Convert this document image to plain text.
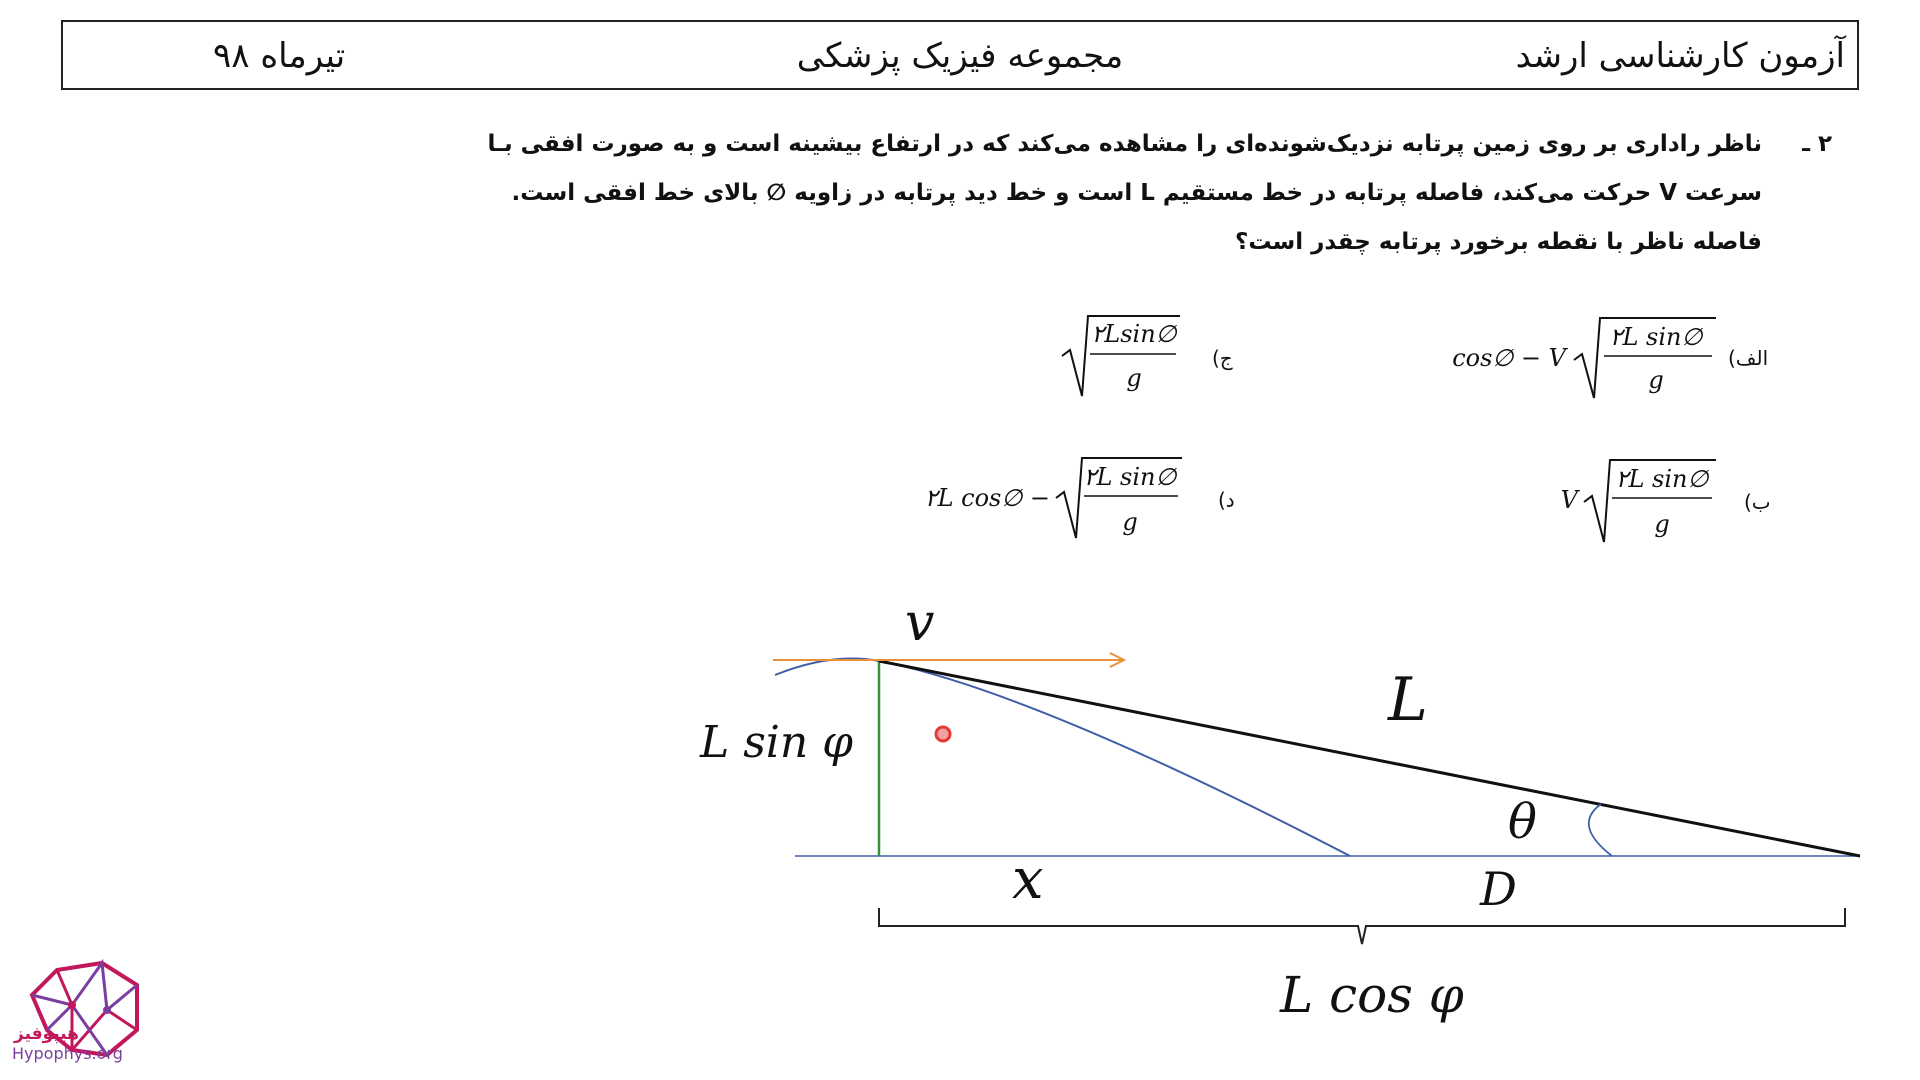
آزمون کارشناسی ارشد
مجموعه فیزیک پزشکی
تیرماه ۹۸
۲ ـ
ناظر راداری بر روی زمین پرتابه نزدیک‌شونده‌ای را مشاهده می‌کند که در ارتفاع بیشینه است و به صورت افقی بـا
سرعت V حرکت می‌کند، فاصله پرتابه در خط مستقیم L است و خط دید پرتابه در زاویه ∅ بالای خط افقی است.
فاصله ناظر با نقطه برخورد پرتابه چقدر است؟
الف)
ب)
ج)
د)
cos∅ − V
۲L sin∅
g
V
۲L sin∅
g
۲Lsin∅
g
۲L cos∅ −
۲L sin∅
g
v
L
L sin φ
θ
x	D
L cos φ
هیپوفیز
Hypophys.org
